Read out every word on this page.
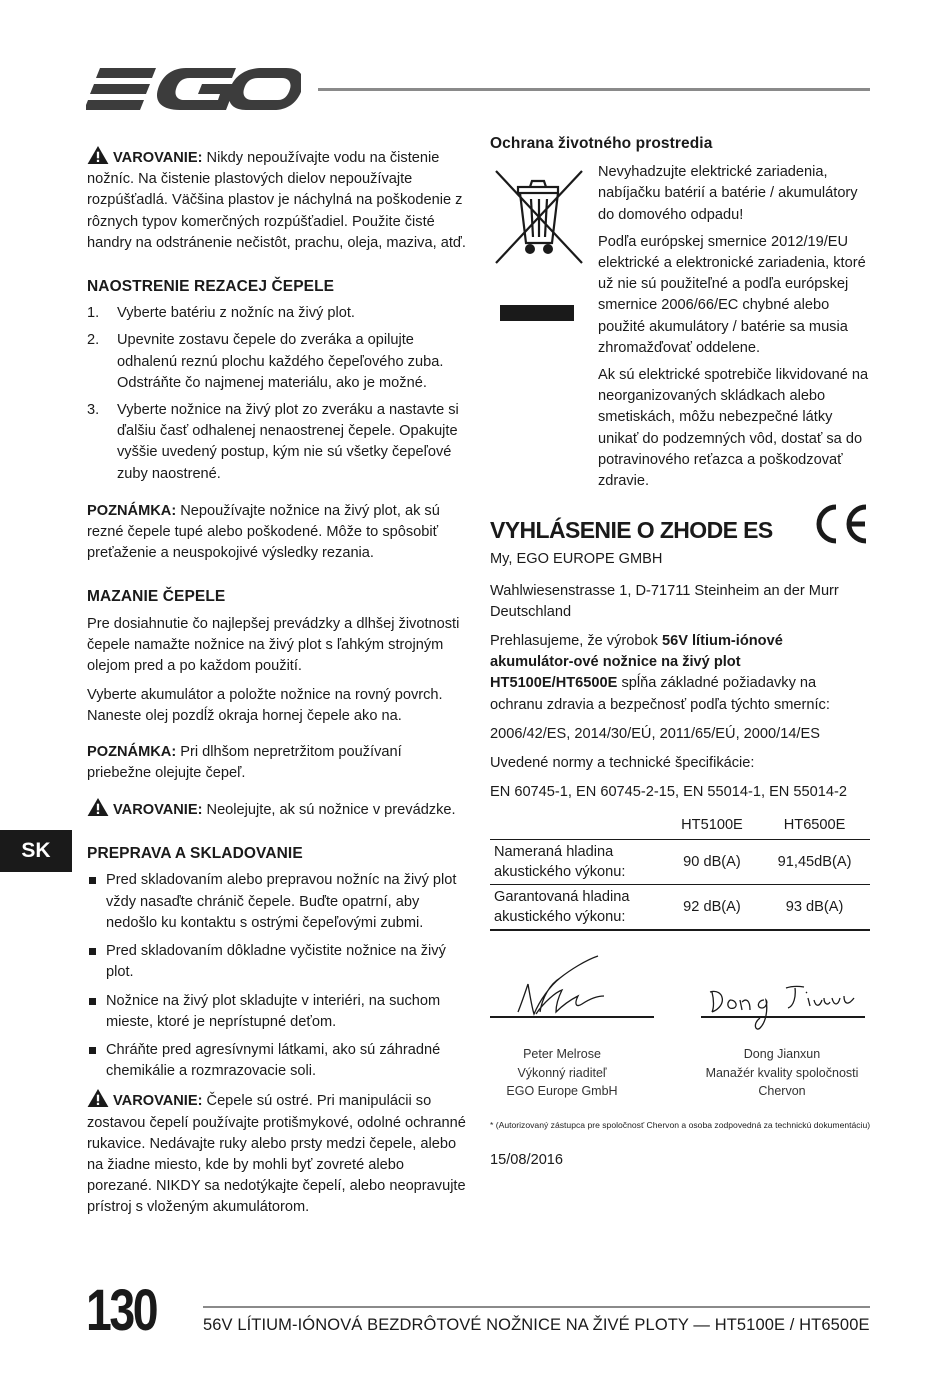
SK

VAROVANIE: Nikdy nepoužívajte vodu na čistenie nožníc. Na čistenie plastových dielov nepoužívajte rozpúšťadlá. Väčšina plastov je náchylná na poškodenie z rôznych typov komerčných rozpúšťadiel. Použite čisté handry na odstránenie nečistôt, prachu, oleja, maziva, atď.

NAOSTRENIE REZACEJ ČEPELE
1. Vyberte batériu z nožníc na živý plot.
2. Upevnite zostavu čepele do zveráka a opilujte odhalenú reznú plochu každého čepeľového zuba. Odstráňte čo najmenej materiálu, ako je možné.
3. Vyberte nožnice na živý plot zo zveráku a nastavte si ďalšiu časť odhalenej nenaostrenej čepele. Opakujte vyššie uvedený postup, kým nie sú všetky čepeľové zuby naostrené.

POZNÁMKA: Nepoužívajte nožnice na živý plot, ak sú rezné čepele tupé alebo poškodené. Môže to spôsobiť preťaženie a neuspokojivé výsledky rezania.

MAZANIE ČEPELE

Pre dosiahnutie čo najlepšej prevádzky a dlhšej životnosti čepele namažte nožnice na živý plot s ľahkým strojným olejom pred a po každom použití.

Vyberte akumulátor a položte nožnice na rovný povrch. Naneste olej pozdĺž okraja hornej čepele ako na.

POZNÁMKA: Pri dlhšom nepretržitom používaní priebežne olejujte čepeľ.

VAROVANIE: Neolejujte, ak sú nožnice v prevádzke.

PREPRAVA A SKLADOVANIE
Pred skladovaním alebo prepravou nožníc na živý plot vždy nasaďte chránič čepele. Buďte opatrní, aby nedošlo ku kontaktu s ostrými čepeľovými zubmi.
Pred skladovaním dôkladne vyčistite nožnice na živý plot.
Nožnice na živý plot skladujte v interiéri, na suchom mieste, ktoré je neprístupné deťom.
Chráňte pred agresívnymi látkami, ako sú záhradné chemikálie a rozmrazovacie soli.

VAROVANIE: Čepele sú ostré. Pri manipulácii so zostavou čepelí používajte protišmykové, odolné ochranné rukavice. Nedávajte ruky alebo prsty medzi čepele, alebo na žiadne miesto, kde by mohli byť zovreté alebo porezané. NIKDY sa nedotýkajte čepelí, alebo neopravujte prístroj s vloženým akumulátorom.

Ochrana životného prostredia

Nevyhadzujte elektrické zariadenia, nabíjačku batérií a batérie / akumulátory do domového odpadu!

Podľa európskej smernice 2012/19/EU elektrické a elektronické zariadenia, ktoré už nie sú použiteľné a podľa európskej smernice 2006/66/EC chybné alebo použité akumulátory / batérie sa musia zhromažďovať oddelene.

Ak sú elektrické spotrebiče likvidované na neorganizovaných skládkach alebo smetiskách, môžu nebezpečné látky unikať do podzemných vôd, dostať sa do potravinového reťazca a poškodzovať zdravie.

VYHLÁSENIE O ZHODE ES

My, EGO EUROPE GMBH

Wahlwiesenstrasse 1, D-71711 Steinheim an der Murr

Deutschland

Prehlasujeme, že výrobok 56V lítium-iónové akumulátor-ové nožnice na živý plot HT5100E/HT6500E spĺňa základné požiadavky na ochranu zdravia a bezpečnosť podľa týchto smerníc:

2006/42/ES, 2014/30/EÚ, 2011/65/EÚ, 2000/14/ES

Uvedené normy a technické špecifikácie:

EN 60745-1, EN 60745-2-15, EN 55014-1, EN 55014-2

	HT5100E	HT6500E
Nameraná hladina akustického výkonu:	90 dB(A)	91,45dB(A)
Garantovaná hladina akustického výkonu:	92 dB(A)	93 dB(A)
Peter Melrose
Výkonný riaditeľ
EGO Europe GmbH
Dong Jianxun
Manažér kvality spoločnosti
Chervon
* (Autorizovaný zástupca pre spoločnosť Chervon a osoba zodpovedná za technickú dokumentáciu)
15/08/2016
130	56V LÍTIUM-IÓNOVÁ BEZDRÔTOVÉ NOŽNICE NA ŽIVÉ PLOTY — HT5100E / HT6500E
